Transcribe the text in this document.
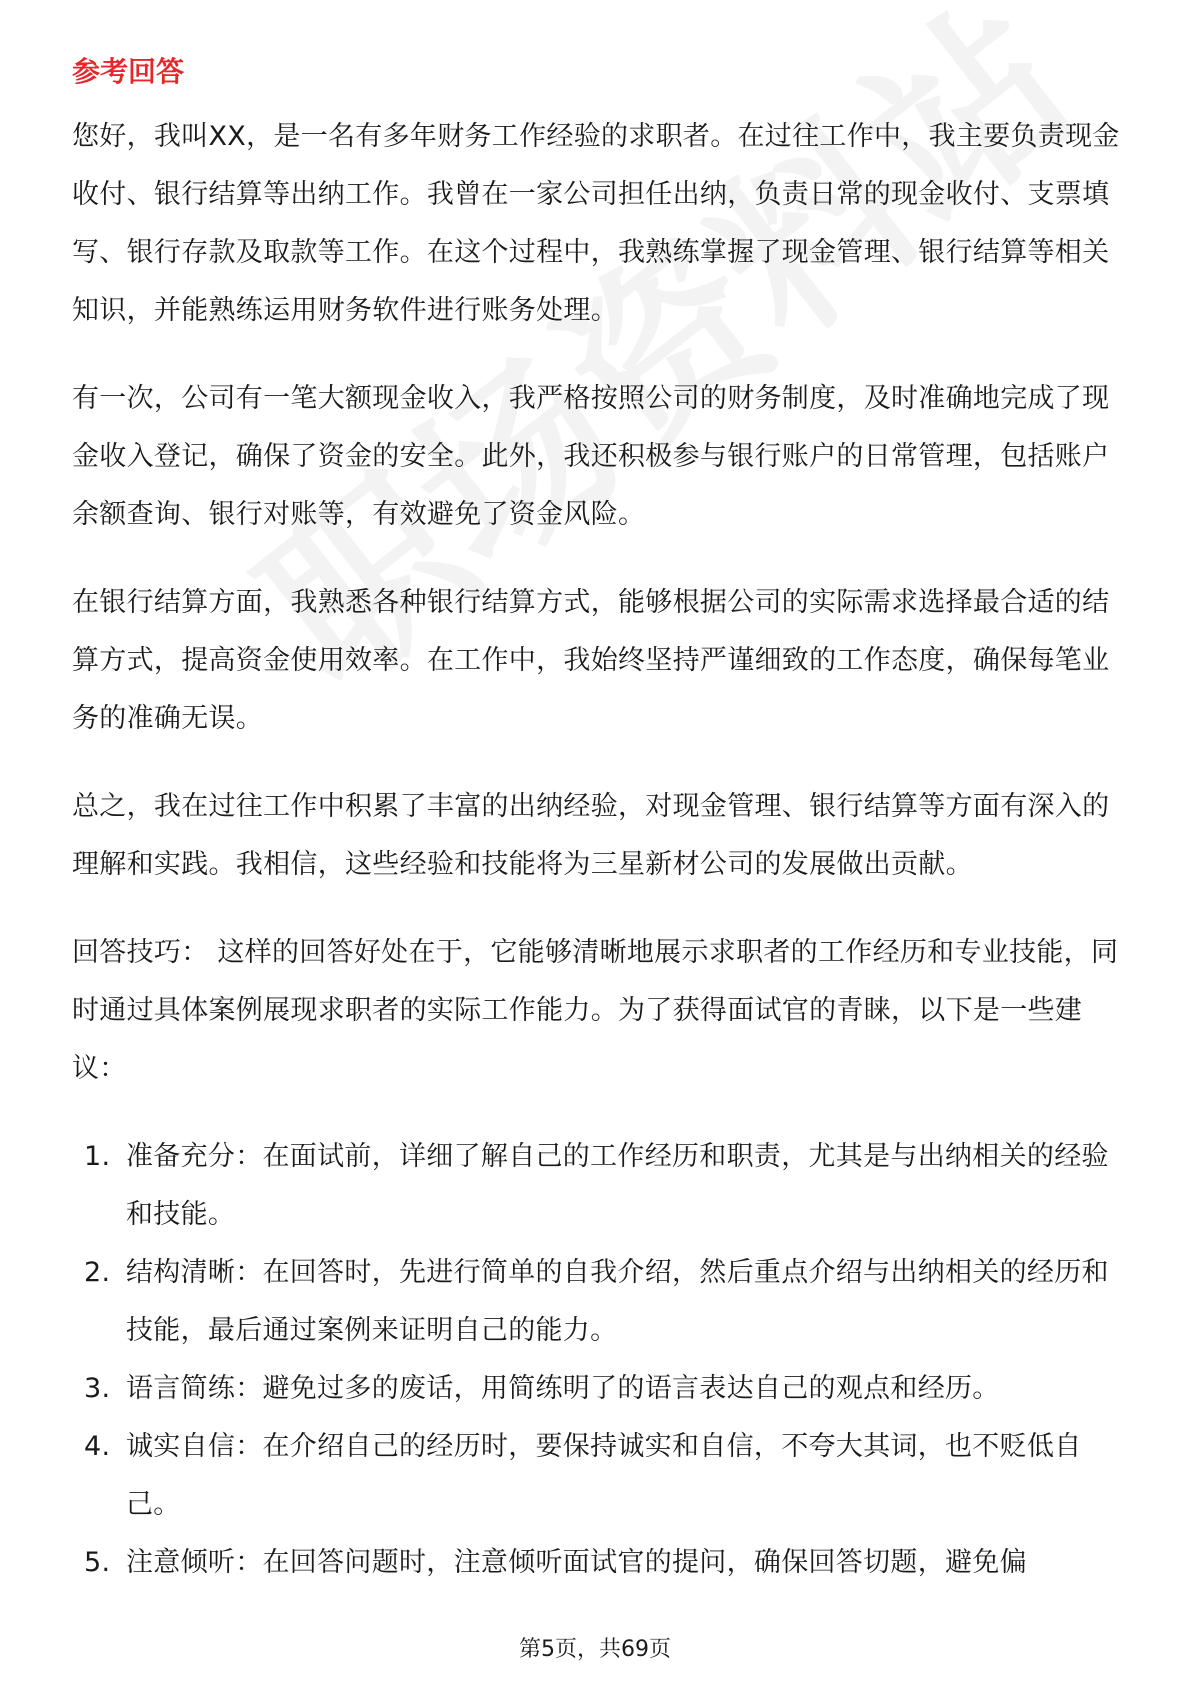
参考回答

您好，我叫XX，是一名有多年财务工作经验的求职者。在过往工作中，我主要负责现金收付、银行结算等出纳工作。我曾在一家公司担任出纳，负责日常的现金收付、支票填写、银行存款及取款等工作。在这个过程中，我熟练掌握了现金管理、银行结算等相关知识，并能熟练运用财务软件进行账务处理。

有一次，公司有一笔大额现金收入，我严格按照公司的财务制度，及时准确地完成了现金收入登记，确保了资金的安全。此外，我还积极参与银行账户的日常管理，包括账户余额查询、银行对账等，有效避免了资金风险。

在银行结算方面，我熟悉各种银行结算方式，能够根据公司的实际需求选择最合适的结算方式，提高资金使用效率。在工作中，我始终坚持严谨细致的工作态度，确保每笔业务的准确无误。

总之，我在过往工作中积累了丰富的出纳经验，对现金管理、银行结算等方面有深入的理解和实践。我相信，这些经验和技能将为三星新材公司的发展做出贡献。

回答技巧： 这样的回答好处在于，它能够清晰地展示求职者的工作经历和专业技能，同时通过具体案例展现求职者的实际工作能力。为了获得面试官的青睐，以下是一些建议：

1. 准备充分：在面试前，详细了解自己的工作经历和职责，尤其是与出纳相关的经验和技能。
2. 结构清晰：在回答时，先进行简单的自我介绍，然后重点介绍与出纳相关的经历和技能，最后通过案例来证明自己的能力。
3. 语言简练：避免过多的废话，用简练明了的语言表达自己的观点和经历。
4. 诚实自信：在介绍自己的经历时，要保持诚实和自信，不夸大其词，也不贬低自己。
5. 注意倾听：在回答问题时，注意倾听面试官的提问，确保回答切题，避免偏
第5页，共69页
